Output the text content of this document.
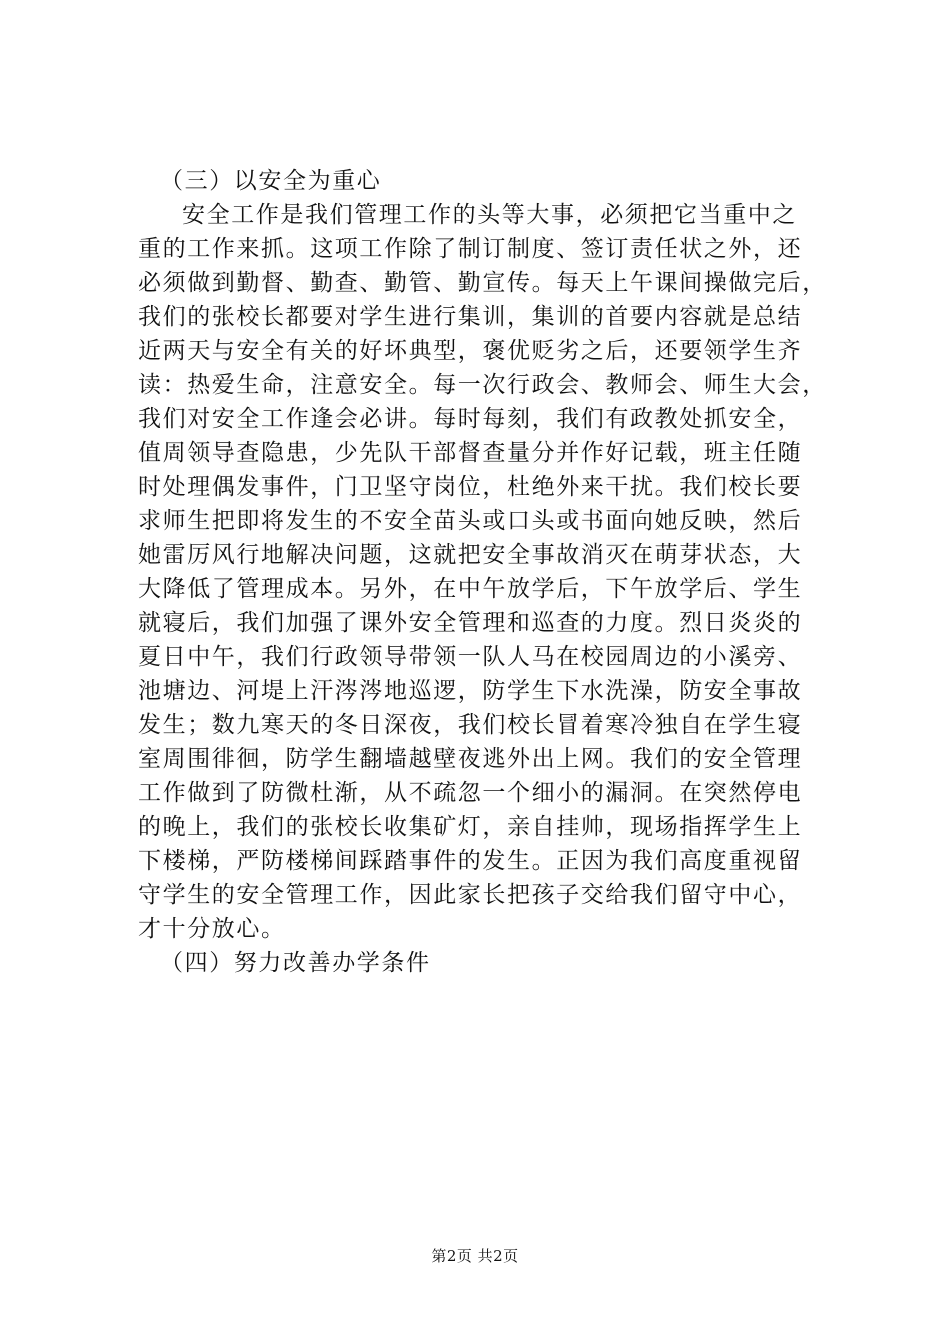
（三）以安全为重心
安全工作是我们管理工作的头等大事，必须把它当重中之
重的工作来抓。这项工作除了制订制度、签订责任状之外，还
必须做到勤督、勤查、勤管、勤宣传。每天上午课间操做完后，
我们的张校长都要对学生进行集训，集训的首要内容就是总结
近两天与安全有关的好坏典型，褒优贬劣之后，还要领学生齐
读：热爱生命，注意安全。每一次行政会、教师会、师生大会，
我们对安全工作逢会必讲。每时每刻，我们有政教处抓安全，
值周领导查隐患，少先队干部督查量分并作好记载，班主任随
时处理偶发事件，门卫坚守岗位，杜绝外来干扰。我们校长要
求师生把即将发生的不安全苗头或口头或书面向她反映，然后
她雷厉风行地解决问题，这就把安全事故消灭在萌芽状态，大
大降低了管理成本。另外，在中午放学后，下午放学后、学生
就寝后，我们加强了课外安全管理和巡查的力度。烈日炎炎的
夏日中午，我们行政领导带领一队人马在校园周边的小溪旁、
池塘边、河堤上汗涔涔地巡逻，防学生下水洗澡，防安全事故
发生；数九寒天的冬日深夜，我们校长冒着寒冷独自在学生寝
室周围徘徊，防学生翻墙越壁夜逃外出上网。我们的安全管理
工作做到了防微杜渐，从不疏忽一个细小的漏洞。在突然停电
的晚上，我们的张校长收集矿灯，亲自挂帅，现场指挥学生上
下楼梯，严防楼梯间踩踏事件的发生。正因为我们高度重视留
守学生的安全管理工作，因此家长把孩子交给我们留守中心，
才十分放心。
（四）努力改善办学条件
第2页 共2页
